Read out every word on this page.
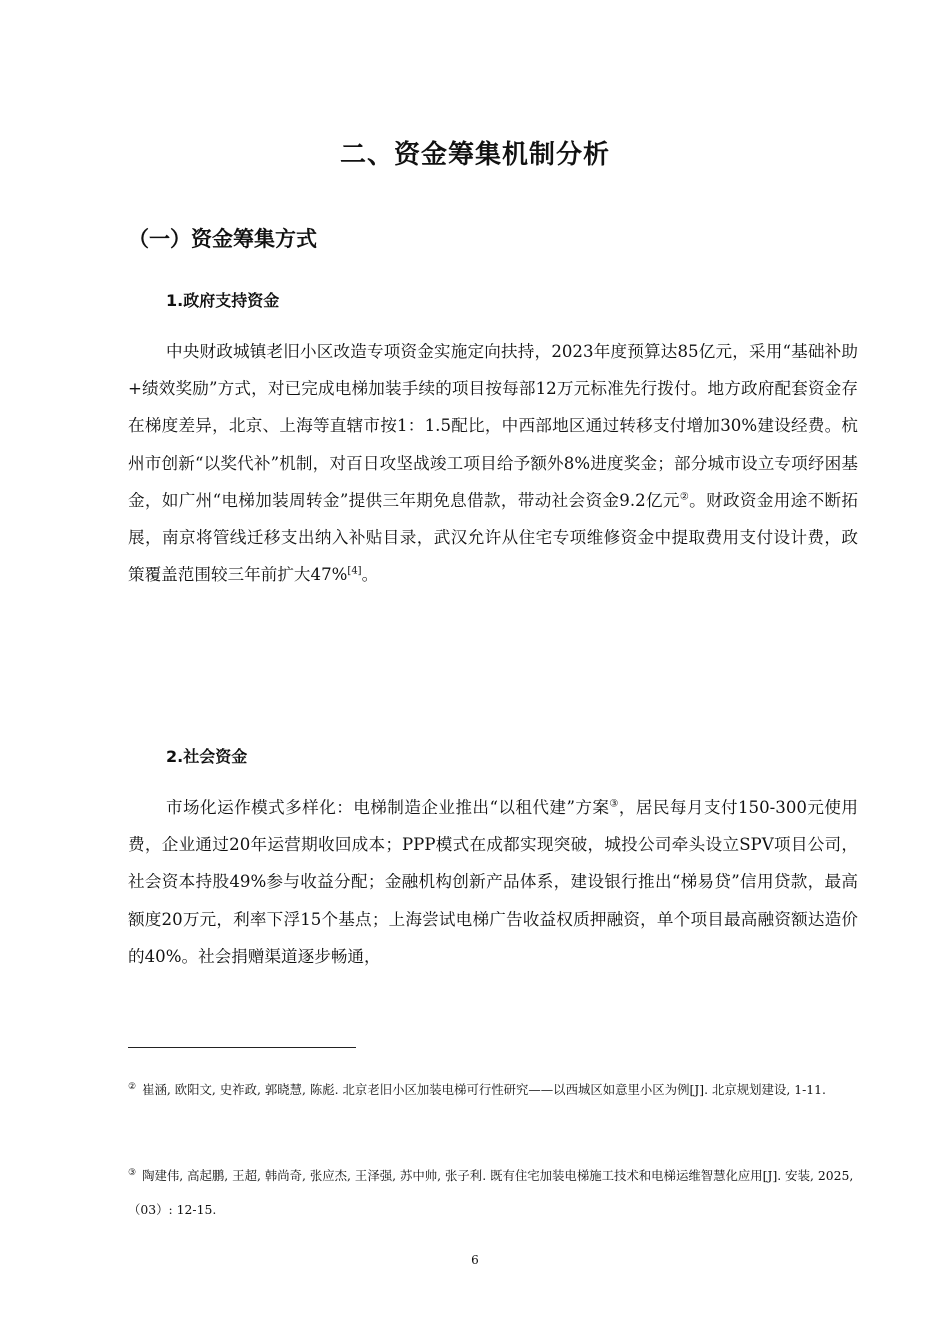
二、资金筹集机制分析
（一）资金筹集方式
1.政府支持资金

中央财政城镇老旧小区改造专项资金实施定向扶持，2023年度预算达85亿元，采用“基础补助+绩效奖励”方式，对已完成电梯加装手续的项目按每部12万元标准先行拨付。地方政府配套资金存在梯度差异，北京、上海等直辖市按1：1.5配比，中西部地区通过转移支付增加30%建设经费。杭州市创新“以奖代补”机制，对百日攻坚战竣工项目给予额外8%进度奖金；部分城市设立专项纾困基金，如广州“电梯加装周转金”提供三年期免息借款，带动社会资金9.2亿元②。财政资金用途不断拓展，南京将管线迁移支出纳入补贴目录，武汉允许从住宅专项维修资金中提取费用支付设计费，政策覆盖范围较三年前扩大47%[4]。

2.社会资金

市场化运作模式多样化：电梯制造企业推出“以租代建”方案③，居民每月支付150-300元使用费，企业通过20年运营期收回成本；PPP模式在成都实现突破，城投公司牵头设立SPV项目公司，社会资本持股49%参与收益分配；金融机构创新产品体系，建设银行推出“梯易贷”信用贷款，最高额度20万元，利率下浮15个基点；上海尝试电梯广告收益权质押融资，单个项目最高融资额达造价的40%。社会捐赠渠道逐步畅通，

② 崔涵, 欧阳文, 史祚政, 郭晓慧, 陈彪. 北京老旧小区加装电梯可行性研究——以西城区如意里小区为例[J]. 北京规划建设, 1-11.

③ 陶建伟, 高起鹏, 王超, 韩尚奇, 张应杰, 王泽强, 苏中帅, 张子利. 既有住宅加装电梯施工技术和电梯运维智慧化应用[J]. 安装, 2025, （03）: 12-15.

6
